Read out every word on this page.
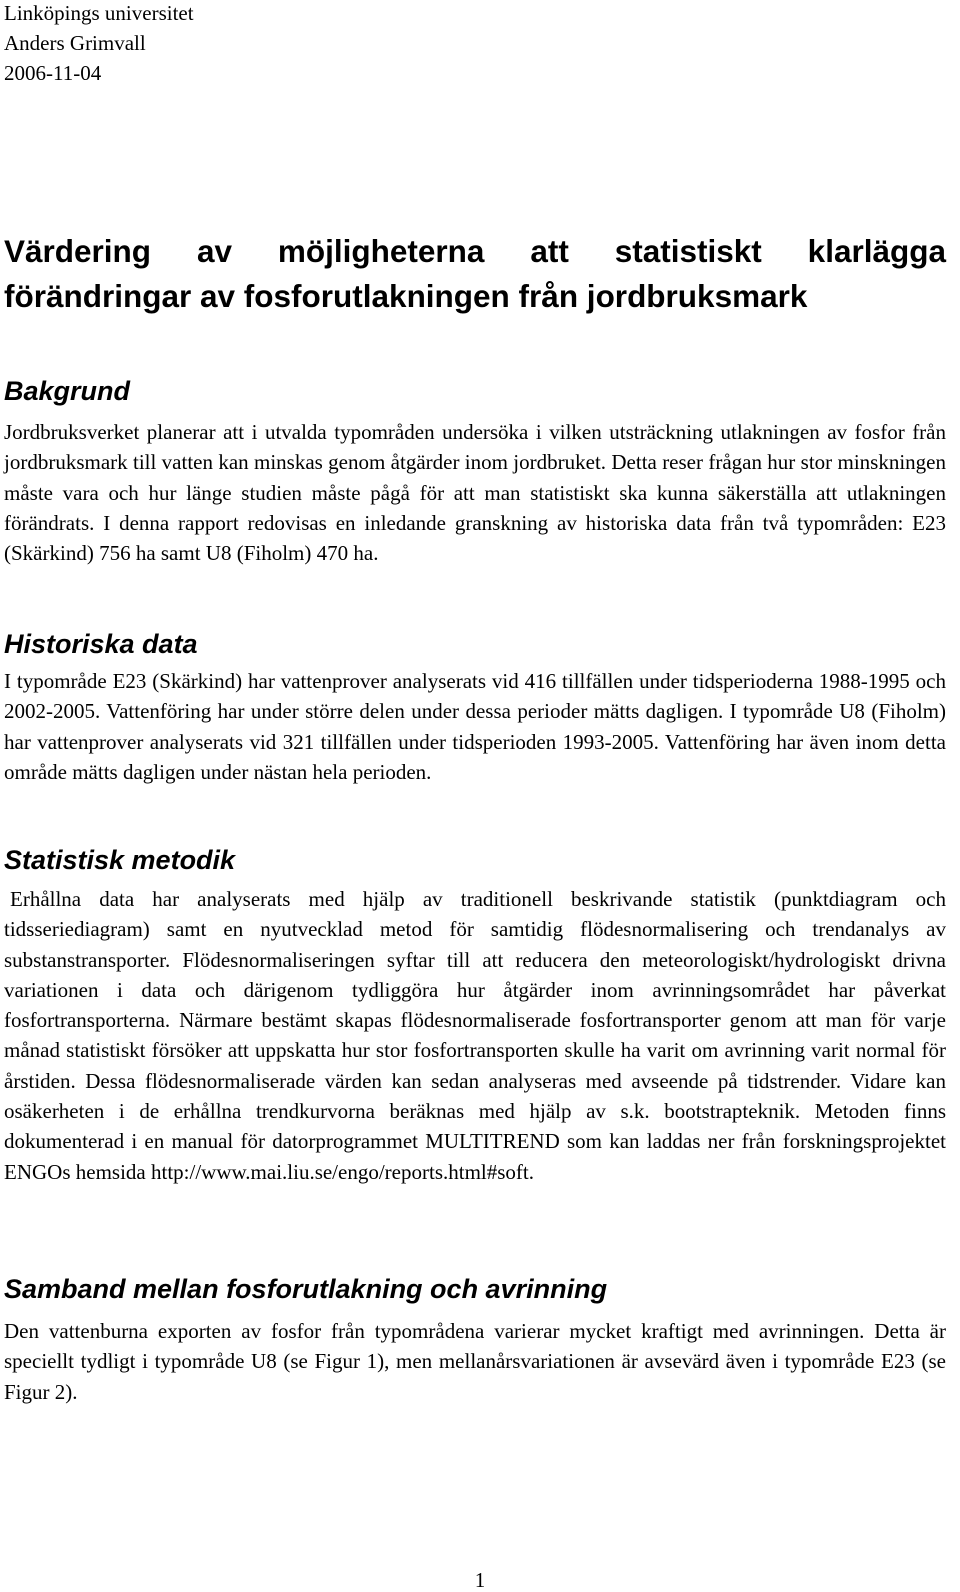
Linköpings universitet
Anders Grimvall
2006-11-04
Värdering av möjligheterna att statistiskt klarlägga
förändringar av fosforutlakningen från jordbruksmark
Bakgrund

Jordbruksverket planerar att i utvalda typområden undersöka i vilken utsträckning utlakningen av fosfor från jordbruksmark till vatten kan minskas genom åtgärder inom jordbruket. Detta reser frågan hur stor minskningen måste vara och hur länge studien måste pågå för att man statistiskt ska kunna säkerställa att utlakningen förändrats. I denna rapport redovisas en inledande granskning av historiska data från två typområden: E23 (Skärkind) 756 ha samt U8 (Fiholm) 470 ha.

Historiska data

I typområde E23 (Skärkind) har vattenprover analyserats vid 416 tillfällen under tidsperioderna 1988-1995 och 2002-2005. Vattenföring har under större delen under dessa perioder mätts dagligen. I typområde U8 (Fiholm) har vattenprover analyserats vid 321 tillfällen under tidsperioden 1993-2005. Vattenföring har även inom detta område mätts dagligen under nästan hela perioden.

Statistisk metodik

Erhållna data har analyserats med hjälp av traditionell beskrivande statistik (punktdiagram och tidsseriediagram) samt en nyutvecklad metod för samtidig flödesnormalisering och trendanalys av substanstransporter. Flödesnormaliseringen syftar till att reducera den meteorologiskt/hydrologiskt drivna variationen i data och därigenom tydliggöra hur åtgärder inom avrinningsområdet har påverkat fosfortransporterna. Närmare bestämt skapas flödesnormaliserade fosfortransporter genom att man för varje månad statistiskt försöker att uppskatta hur stor fosfortransporten skulle ha varit om avrinning varit normal för årstiden. Dessa flödesnormaliserade värden kan sedan analyseras med avseende på tidstrender. Vidare kan osäkerheten i de erhållna trendkurvorna beräknas med hjälp av s.k. bootstrapteknik. Metoden finns dokumenterad i en manual för datorprogrammet MULTITREND som kan laddas ner från forskningsprojektet ENGOs hemsida http://www.mai.liu.se/engo/reports.html#soft.

Samband mellan fosforutlakning och avrinning

Den vattenburna exporten av fosfor från typområdena varierar mycket kraftigt med avrinningen. Detta är speciellt tydligt i typområde U8 (se Figur 1), men mellanårsvariationen är avsevärd även i typområde E23 (se Figur 2).

1
